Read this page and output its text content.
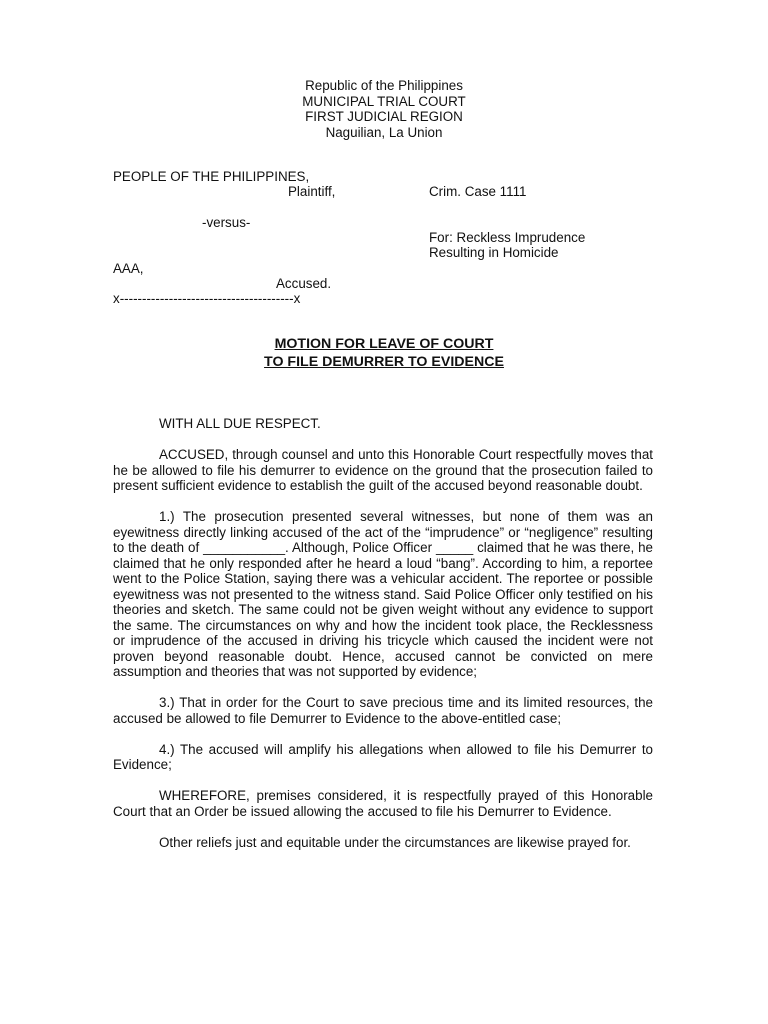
Republic of the Philippines
MUNICIPAL TRIAL COURT
FIRST JUDICIAL REGION
Naguilian, La Union
PEOPLE OF THE PHILIPPINES,
Plaintiff,	Crim. Case 1111
-versus-
For: Reckless Imprudence
Resulting in Homicide
AAA,
Accused.
x---------------------------------------x
MOTION FOR LEAVE OF COURT
TO FILE DEMURRER TO EVIDENCE

WITH ALL DUE RESPECT.

ACCUSED, through counsel and unto this Honorable Court respectfully moves that he be allowed to file his demurrer to evidence on the ground that the prosecution failed to present sufficient evidence to establish the guilt of the accused beyond reasonable doubt.

1.) The prosecution presented several witnesses, but none of them was an eyewitness directly linking accused of the act of the “imprudence” or “negligence” resulting to the death of ___________. Although, Police Officer _____ claimed that he was there, he claimed that he only responded after he heard a loud “bang”. According to him, a reportee went to the Police Station, saying there was a vehicular accident. The reportee or possible eyewitness was not presented to the witness stand. Said Police Officer only testified on his theories and sketch. The same could not be given weight without any evidence to support the same. The circumstances on why and how the incident took place, the Recklessness or imprudence of the accused in driving his tricycle which caused the incident were not proven beyond reasonable doubt. Hence, accused cannot be convicted on mere assumption and theories that was not supported by evidence;

3.) That in order for the Court to save precious time and its limited resources, the accused be allowed to file Demurrer to Evidence to the above-entitled case;

4.) The accused will amplify his allegations when allowed to file his Demurrer to Evidence;

WHEREFORE, premises considered, it is respectfully prayed of this Honorable Court that an Order be issued allowing the accused to file his Demurrer to Evidence.

Other reliefs just and equitable under the circumstances are likewise prayed for.
